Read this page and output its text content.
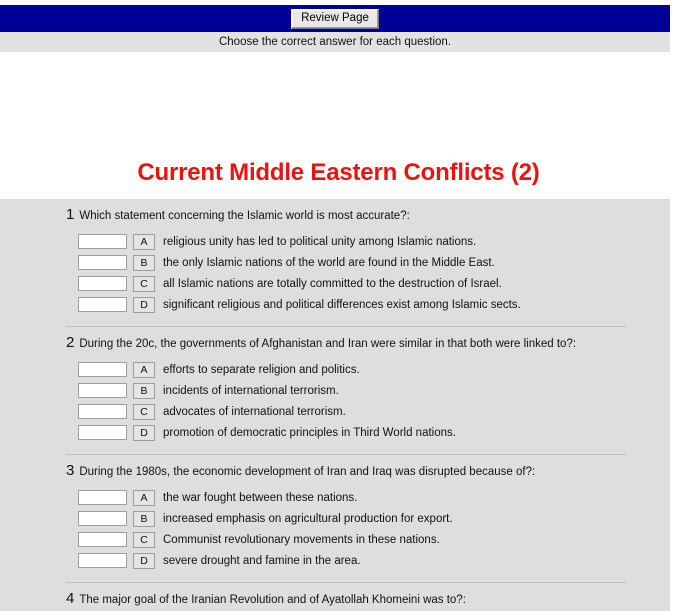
Review Page
Choose the correct answer for each question.
Current Middle Eastern Conflicts (2)
1 Which statement concerning the Islamic world is most accurate?:
A	religious unity has led to political unity among Islamic nations.
B	the only Islamic nations of the world are found in the Middle East.
C	all Islamic nations are totally committed to the destruction of Israel.
D	significant religious and political differences exist among Islamic sects.
2 During the 20c, the governments of Afghanistan and Iran were similar in that both were linked to?:
A	efforts to separate religion and politics.
B	incidents of international terrorism.
C	advocates of international terrorism.
D	promotion of democratic principles in Third World nations.
3 During the 1980s, the economic development of Iran and Iraq was disrupted because of?:
A	the war fought between these nations.
B	increased emphasis on agricultural production for export.
C	Communist revolutionary movements in these nations.
D	severe drought and famine in the area.
4 The major goal of the Iranian Revolution and of Ayatollah Khomeini was to?:
